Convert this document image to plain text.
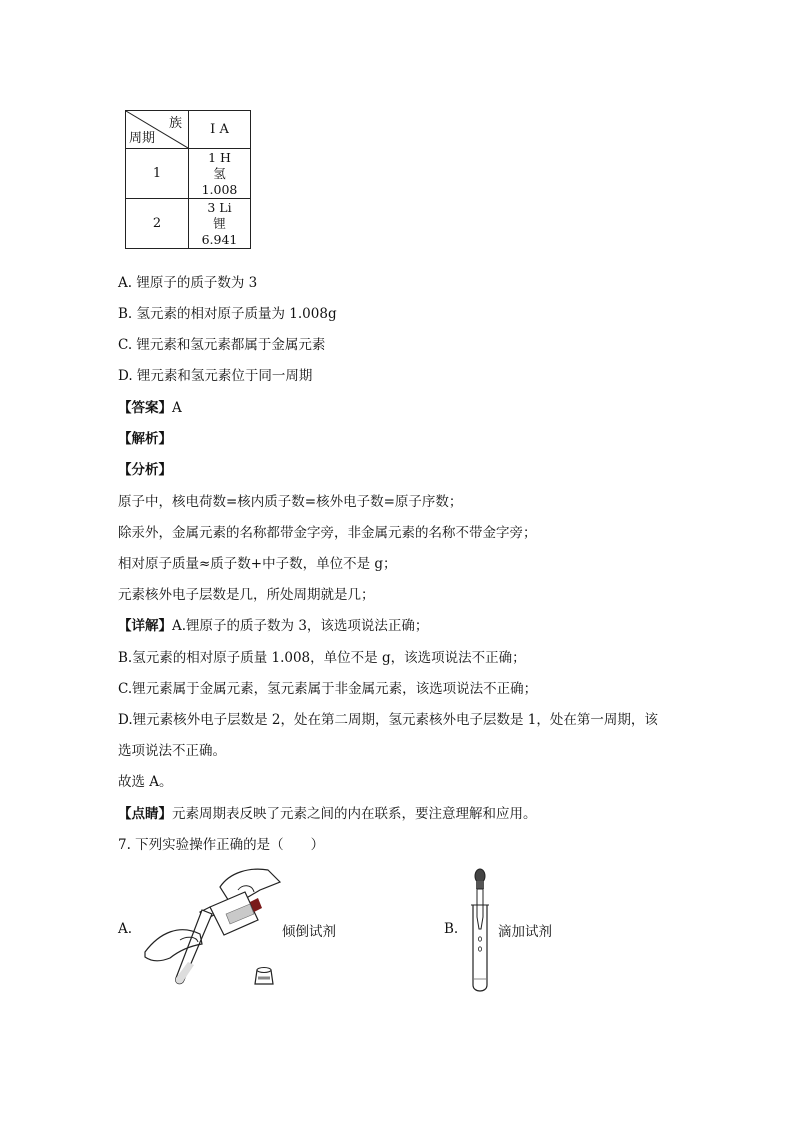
族
周期	I A
1	1 H
氢
1.008

2	3 Li
锂
6.941
A. 锂原子的质子数为 3
B. 氢元素的相对原子质量为 1.008g
C. 锂元素和氢元素都属于金属元素
D. 锂元素和氢元素位于同一周期
【答案】A
【解析】
【分析】
原子中，核电荷数=核内质子数=核外电子数=原子序数；
除汞外，金属元素的名称都带金字旁，非金属元素的名称不带金字旁；
相对原子质量≈质子数+中子数，单位不是 g；
元素核外电子层数是几，所处周期就是几；
【详解】A.锂原子的质子数为 3，该选项说法正确；
B.氢元素的相对原子质量 1.008，单位不是 g，该选项说法不正确；
C.锂元素属于金属元素，氢元素属于非金属元素，该选项说法不正确；
D.锂元素核外电子层数是 2，处在第二周期，氢元素核外电子层数是 1，处在第一周期，该
选项说法不正确。
故选 A。
【点睛】元素周期表反映了元素之间的内在联系，要注意理解和应用。
7. 下列实验操作正确的是（　　）
A.	倾倒试剂	B.	滴加试剂
